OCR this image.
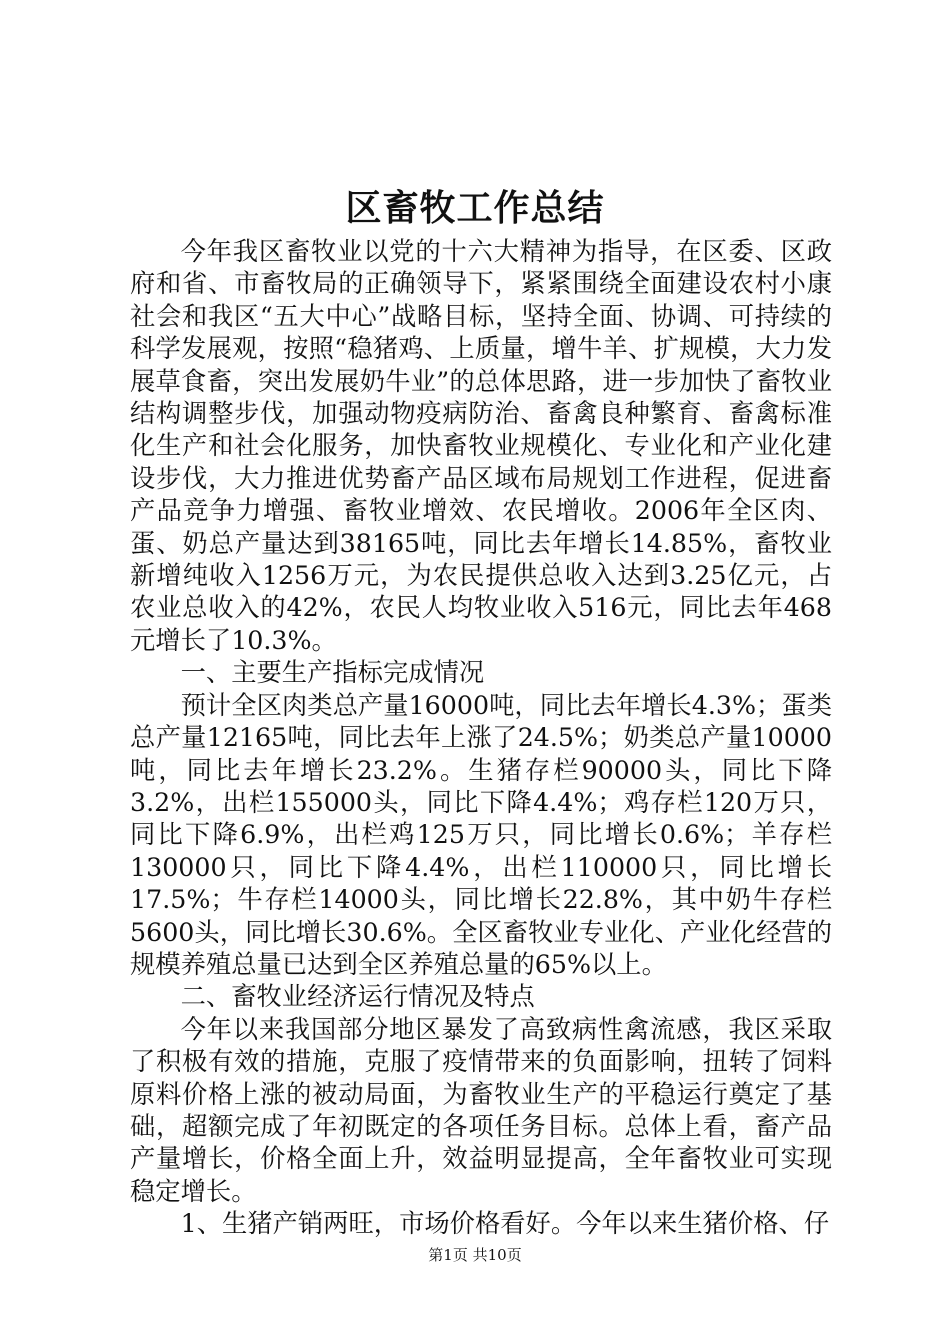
区畜牧工作总结

今年我区畜牧业以党的十六大精神为指导，在区委、区政府和省、市畜牧局的正确领导下，紧紧围绕全面建设农村小康社会和我区“五大中心”战略目标，坚持全面、协调、可持续的科学发展观，按照“稳猪鸡、上质量，增牛羊、扩规模，大力发展草食畜，突出发展奶牛业”的总体思路，进一步加快了畜牧业结构调整步伐，加强动物疫病防治、畜禽良种繁育、畜禽标准化生产和社会化服务，加快畜牧业规模化、专业化和产业化建设步伐，大力推进优势畜产品区域布局规划工作进程，促进畜产品竞争力增强、畜牧业增效、农民增收。2006年全区肉、蛋、奶总产量达到38165吨，同比去年增长14.85%，畜牧业新增纯收入1256万元，为农民提供总收入达到3.25亿元，占农业总收入的42%，农民人均牧业收入516元，同比去年468元增长了10.3%。

一、主要生产指标完成情况

预计全区肉类总产量16000吨，同比去年增长4.3%；蛋类总产量12165吨，同比去年上涨了24.5%；奶类总产量10000吨，同比去年增长23.2%。生猪存栏90000头，同比下降3.2%，出栏155000头，同比下降4.4%；鸡存栏120万只，同比下降6.9%，出栏鸡125万只，同比增长0.6%；羊存栏130000只，同比下降4.4%，出栏110000只，同比增长17.5%；牛存栏14000头，同比增长22.8%，其中奶牛存栏5600头，同比增长30.6%。全区畜牧业专业化、产业化经营的规模养殖总量已达到全区养殖总量的65%以上。

二、畜牧业经济运行情况及特点

今年以来我国部分地区暴发了高致病性禽流感，我区采取了积极有效的措施，克服了疫情带来的负面影响，扭转了饲料原料价格上涨的被动局面，为畜牧业生产的平稳运行奠定了基础，超额完成了年初既定的各项任务目标。总体上看，畜产品产量增长，价格全面上升，效益明显提高，全年畜牧业可实现稳定增长。

1、生猪产销两旺，市场价格看好。今年以来生猪价格、仔

第1页 共10页
